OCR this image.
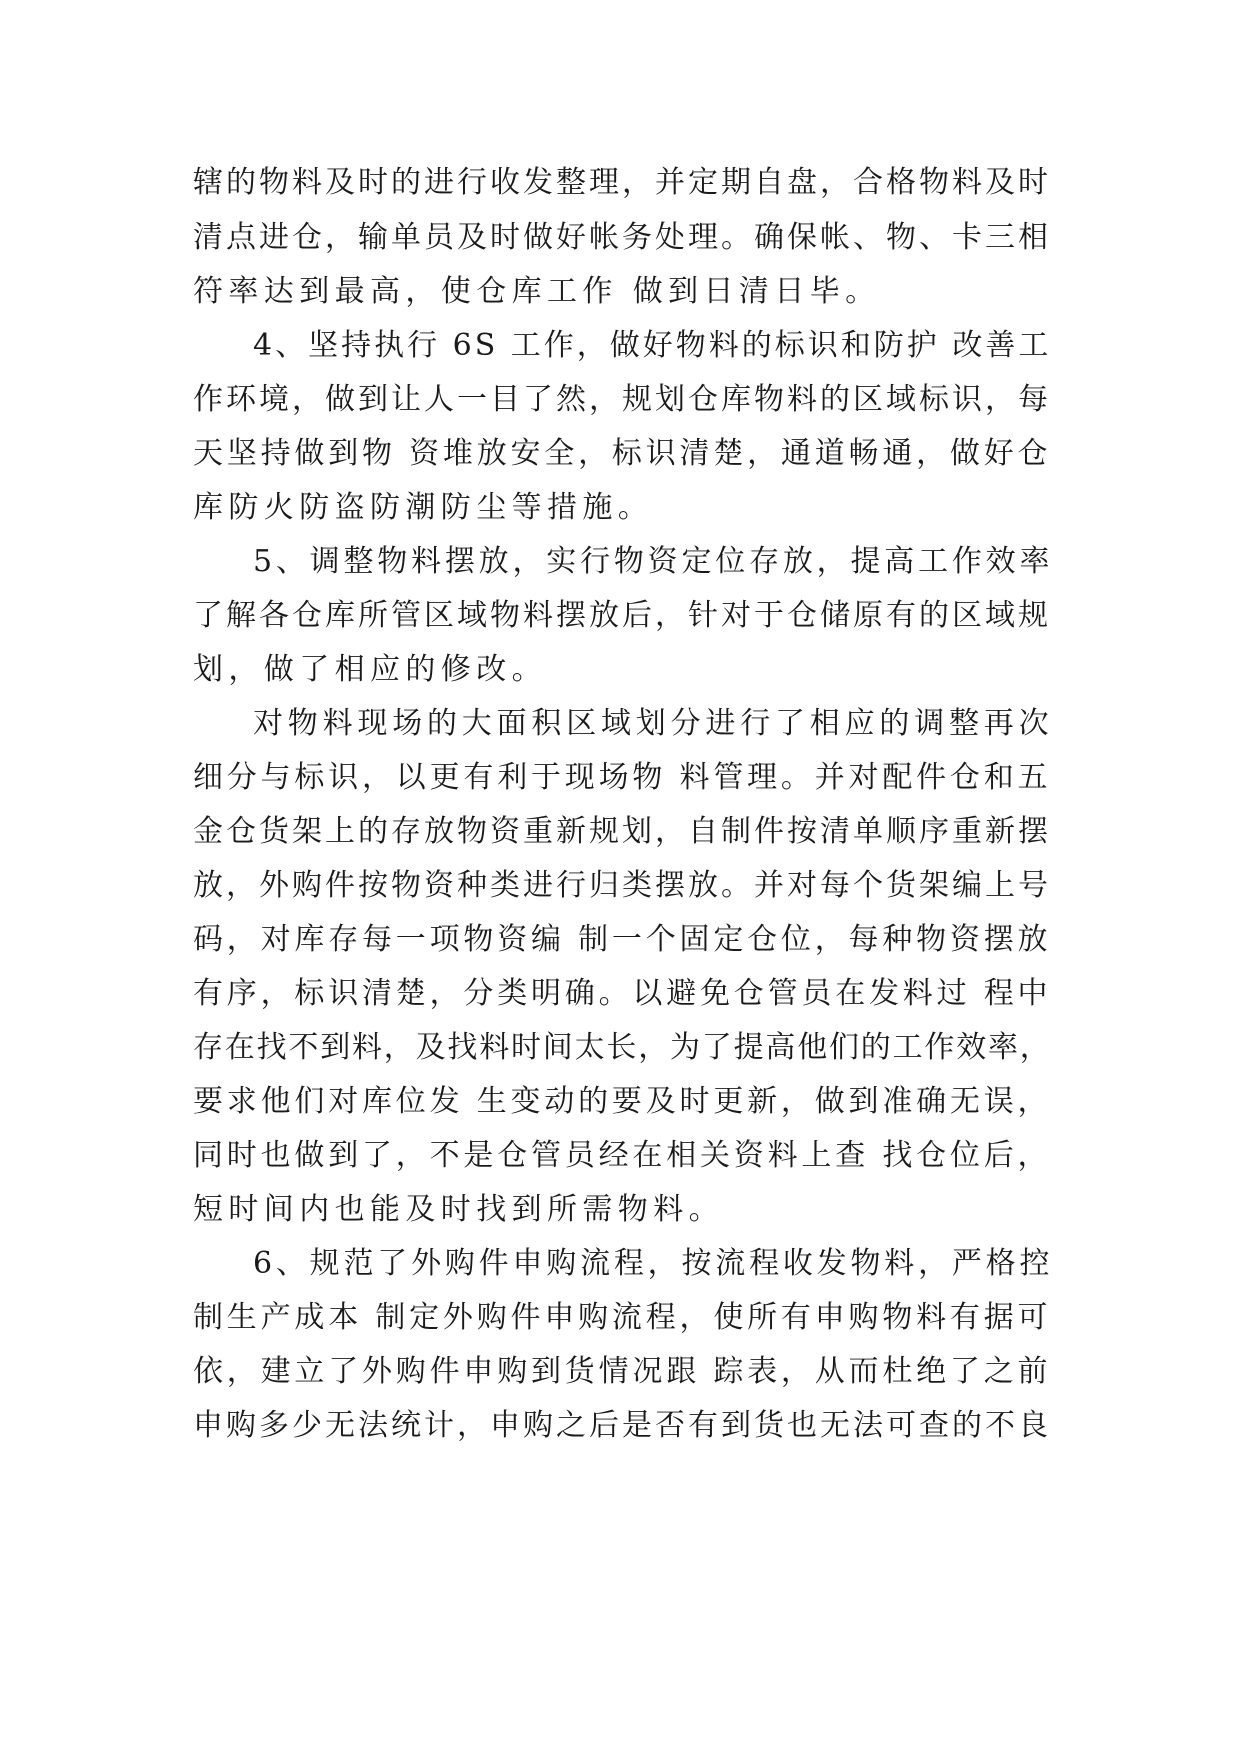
辖的物料及时的进行收发整理，并定期自盘，合格物料及时
清点进仓，输单员及时做好帐务处理。确保帐、物、卡三相
符率达到最高，使仓库工作 做到日清日毕。
4、坚持执行 6S 工作，做好物料的标识和防护 改善工
作环境，做到让人一目了然，规划仓库物料的区域标识，每
天坚持做到物 资堆放安全，标识清楚，通道畅通，做好仓
库防火防盗防潮防尘等措施。
5、调整物料摆放，实行物资定位存放，提高工作效率
了解各仓库所管区域物料摆放后，针对于仓储原有的区域规
划，做了相应的修改。
对物料现场的大面积区域划分进行了相应的调整再次
细分与标识，以更有利于现场物 料管理。并对配件仓和五
金仓货架上的存放物资重新规划，自制件按清单顺序重新摆
放，外购件按物资种类进行归类摆放。并对每个货架编上号
码，对库存每一项物资编 制一个固定仓位，每种物资摆放
有序，标识清楚，分类明确。以避免仓管员在发料过 程中
存在找不到料，及找料时间太长，为了提高他们的工作效率，
要求他们对库位发 生变动的要及时更新，做到准确无误，
同时也做到了，不是仓管员经在相关资料上查 找仓位后，
短时间内也能及时找到所需物料。
6、规范了外购件申购流程，按流程收发物料，严格控
制生产成本 制定外购件申购流程，使所有申购物料有据可
依，建立了外购件申购到货情况跟 踪表，从而杜绝了之前
申购多少无法统计，申购之后是否有到货也无法可查的不良
